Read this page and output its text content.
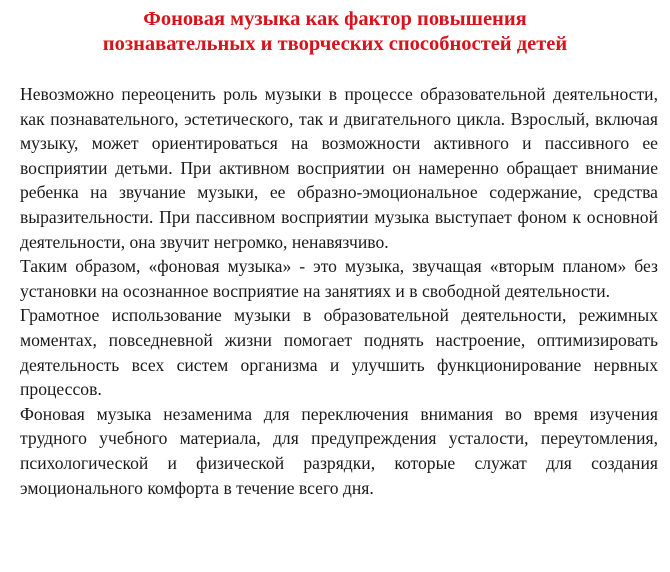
Фоновая музыка как фактор повышения
познавательных и творческих способностей детей

Невозможно переоценить роль музыки в процессе образовательной деятельности, как познавательного, эстетического, так и двигательного цикла. Взрослый, включая музыку, может ориентироваться на возможности активного и пассивного ее восприятии детьми. При активном восприятии он намеренно обращает внимание ребенка на звучание музыки, ее образно-эмоциональное содержание, средства выразительности. При пассивном восприятии музыка выступает фоном к основной деятельности, она звучит негромко, ненавязчиво.

Таким образом, «фоновая музыка» - это музыка, звучащая «вторым планом» без установки на осознанное восприятие на занятиях и в свободной деятельности.

Грамотное использование музыки в образовательной деятельности, режимных моментах, повседневной жизни помогает поднять настроение, оптимизировать деятельность всех систем организма и улучшить функционирование нервных процессов.

Фоновая музыка незаменима для переключения внимания во время изучения трудного учебного материала, для предупреждения усталости, переутомления, психологической и физической разрядки, которые служат для создания эмоционального комфорта в течение всего дня.
